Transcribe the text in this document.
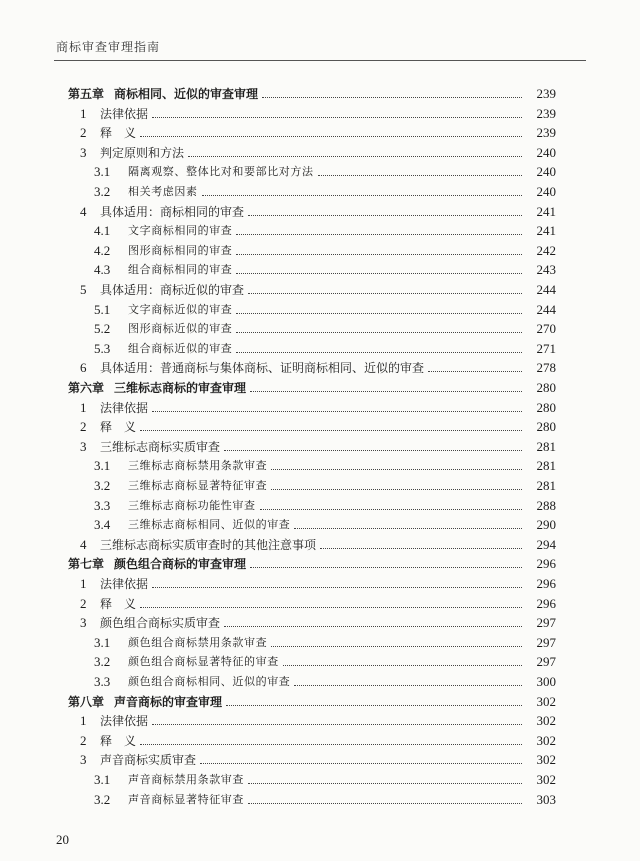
商标审查审理指南
第五章 商标相同、近似的审查审理	239
1	法律依据	239
2	释　义	239
3	判定原则和方法	240
3.1	隔离观察、整体比对和要部比对方法	240
3.2	相关考虑因素	240
4	具体适用：商标相同的审查	241
4.1	文字商标相同的审查	241
4.2	图形商标相同的审查	242
4.3	组合商标相同的审查	243
5	具体适用：商标近似的审查	244
5.1	文字商标近似的审查	244
5.2	图形商标近似的审查	270
5.3	组合商标近似的审查	271
6	具体适用：普通商标与集体商标、证明商标相同、近似的审查	278
第六章 三维标志商标的审查审理	280
1	法律依据	280
2	释　义	280
3	三维标志商标实质审查	281
3.1	三维标志商标禁用条款审查	281
3.2	三维标志商标显著特征审查	281
3.3	三维标志商标功能性审查	288
3.4	三维标志商标相同、近似的审查	290
4	三维标志商标实质审查时的其他注意事项	294
第七章 颜色组合商标的审查审理	296
1	法律依据	296
2	释　义	296
3	颜色组合商标实质审查	297
3.1	颜色组合商标禁用条款审查	297
3.2	颜色组合商标显著特征的审查	297
3.3	颜色组合商标相同、近似的审查	300
第八章 声音商标的审查审理	302
1	法律依据	302
2	释　义	302
3	声音商标实质审查	302
3.1	声音商标禁用条款审查	302
3.2	声音商标显著特征审查	303
20
